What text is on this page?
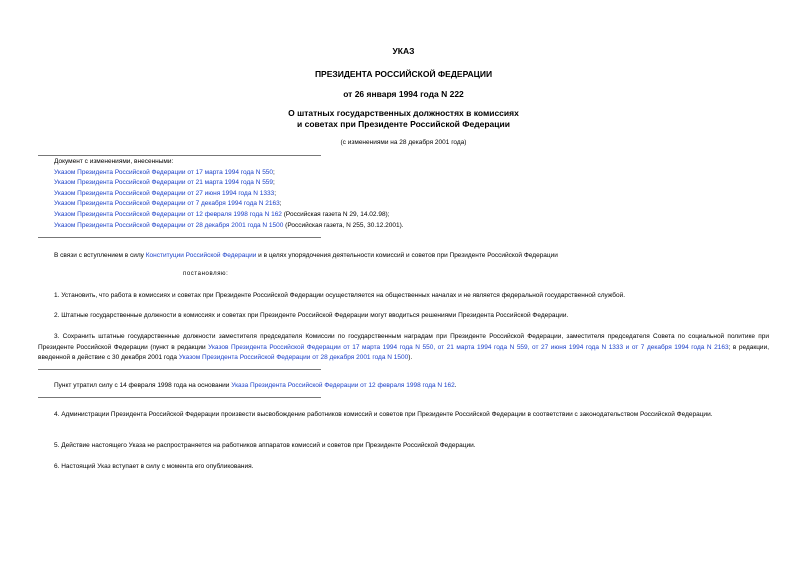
УКАЗ
ПРЕЗИДЕНТА РОССИЙСКОЙ ФЕДЕРАЦИИ
от 26 января 1994 года N 222
О штатных государственных должностях в комиссиях
и советах при Президенте Российской Федерации
(с изменениями на 28 декабря 2001 года)
Документ с изменениями, внесенными:
Указом Президента Российской Федерации от 17 марта 1994 года N 550;
Указом Президента Российской Федерации от 21 марта 1994 года N 559;
Указом Президента Российской Федерации от 27 июня 1994 года N 1333;
Указом Президента Российской Федерации от 7 декабря 1994 года N 2163;
Указом Президента Российской Федерации от 12 февраля 1998 года N 162 (Российская газета N 29, 14.02.98);
Указом Президента Российской Федерации от 28 декабря 2001 года N 1500 (Российская газета, N 255, 30.12.2001).
В связи с вступлением в силу Конституции Российской Федерации и в целях упорядочения деятельности комиссий и советов при Президенте Российской Федерации
постановляю:
1. Установить, что работа в комиссиях и советах при Президенте Российской Федерации осуществляется на общественных началах и не является федеральной государственной службой.
2. Штатные государственные должности в комиссиях и советах при Президенте Российской Федерации могут вводиться решениями Президента Российской Федерации.
3. Сохранить штатные государственные должности заместителя председателя Комиссии по государственным наградам при Президенте Российской Федерации, заместителя председателя Совета по социальной политике при Президенте Российской Федерации (пункт в редакции Указов Президента Российской Федерации от 17 марта 1994 года N 550, от 21 марта 1994 года N 559, от 27 июня 1994 года N 1333 и от 7 декабря 1994 года N 2163; в редакции, введенной в действие с 30 декабря 2001 года Указом Президента Российской Федерации от 28 декабря 2001 года N 1500).
Пункт утратил силу с 14 февраля 1998 года на основании Указа Президента Российской Федерации от 12 февраля 1998 года N 162.
4. Администрации Президента Российской Федерации произвести высвобождение работников комиссий и советов при Президенте Российской Федерации в соответствии с законодательством Российской Федерации.
5. Действие настоящего Указа не распространяется на работников аппаратов комиссий и советов при Президенте Российской Федерации.
6. Настоящий Указ вступает в силу с момента его опубликования.
